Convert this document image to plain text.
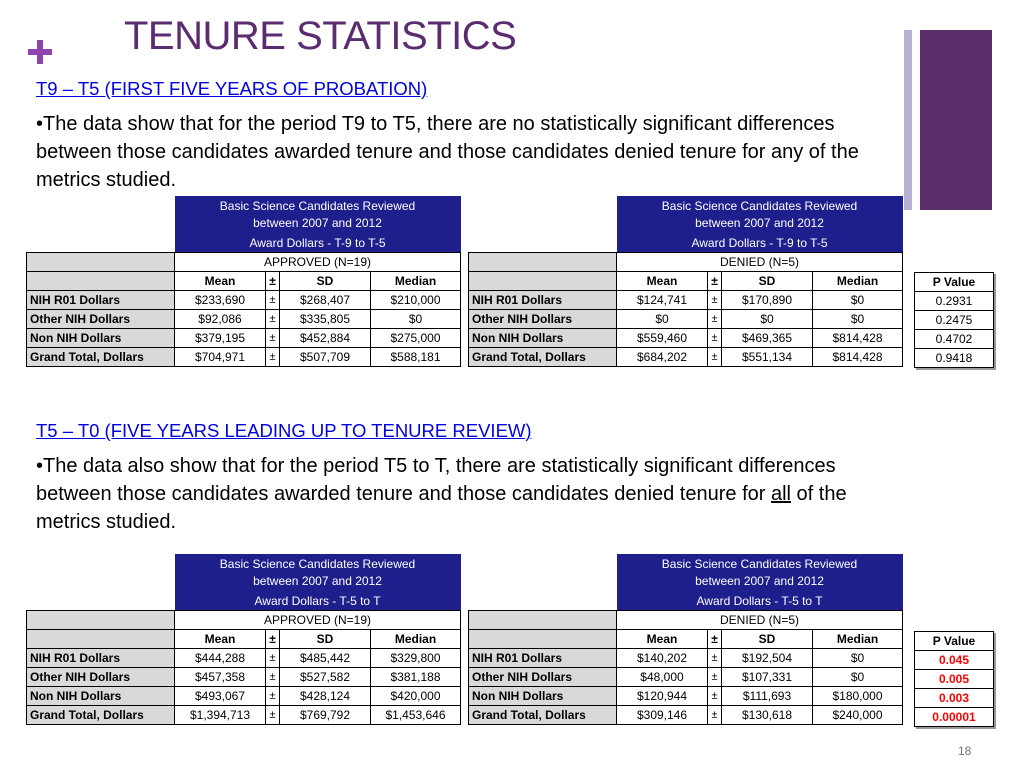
TENURE STATISTICS
T9 – T5 (FIRST FIVE YEARS OF PROBATION)
•The data show that for the period T9 to T5, there are no statistically significant differences between those candidates awarded tenure and those candidates denied tenure for any of the metrics studied.
	Basic Science Candidates Reviewed
between 2007 and 2012			
	Award Dollars - T-9 to T-5			
	APPROVED (N=19)			
	Mean	±	SD	Median
NIH R01 Dollars	$233,690	±	$268,407	$210,000
Other NIH Dollars	$92,086	±	$335,805	$0
Non NIH Dollars	$379,195	±	$452,884	$275,000
Grand Total, Dollars	$704,971	±	$507,709	$588,181
	Basic Science Candidates Reviewed
between 2007 and 2012			
	Award Dollars - T-9 to T-5			
	DENIED (N=5)			
	Mean	±	SD	Median
NIH R01 Dollars	$124,741	±	$170,890	$0
Other NIH Dollars	$0	±	$0	$0
Non NIH Dollars	$559,460	±	$469,365	$814,428
Grand Total, Dollars	$684,202	±	$551,134	$814,428
P Value
0.2931
0.2475
0.4702
0.9418
T5 – T0 (FIVE YEARS LEADING UP TO TENURE REVIEW)
•The data also show that for the period T5 to T, there are statistically significant differences between those candidates awarded tenure and those candidates denied tenure for all of the metrics studied.
	Basic Science Candidates Reviewed
between 2007 and 2012			
	Award Dollars - T-5 to T			
	APPROVED (N=19)			
	Mean	±	SD	Median
NIH R01 Dollars	$444,288	±	$485,442	$329,800
Other NIH Dollars	$457,358	±	$527,582	$381,188
Non NIH Dollars	$493,067	±	$428,124	$420,000
Grand Total, Dollars	$1,394,713	±	$769,792	$1,453,646
	Basic Science Candidates Reviewed
between 2007 and 2012			
	Award Dollars - T-5 to T			
	DENIED (N=5)			
	Mean	±	SD	Median
NIH R01 Dollars	$140,202	±	$192,504	$0
Other NIH Dollars	$48,000	±	$107,331	$0
Non NIH Dollars	$120,944	±	$111,693	$180,000
Grand Total, Dollars	$309,146	±	$130,618	$240,000
P Value
0.045
0.005
0.003
0.00001
18
